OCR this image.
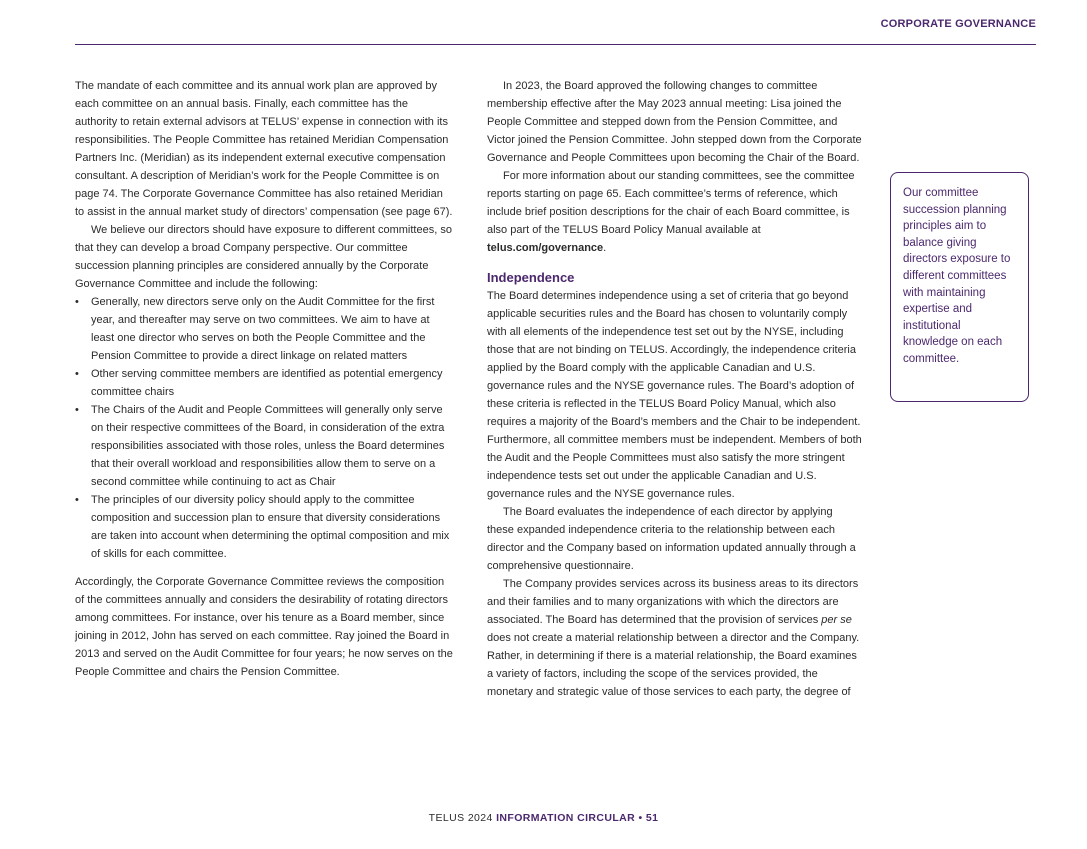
CORPORATE GOVERNANCE

The mandate of each committee and its annual work plan are approved by each committee on an annual basis. Finally, each committee has the authority to retain external advisors at TELUS’ expense in connection with its responsibilities. The People Committee has retained Meridian Compensation Partners Inc. (Meridian) as its independent external executive compensation consultant. A description of Meridian’s work for the People Committee is on page 74. The Corporate Governance Committee has also retained Meridian to assist in the annual market study of directors’ compensation (see page 67).

We believe our directors should have exposure to different committees, so that they can develop a broad Company perspective. Our committee succession planning principles are considered annually by the Corporate Governance Committee and include the following:

• Generally, new directors serve only on the Audit Committee for the first year, and thereafter may serve on two committees. We aim to have at least one director who serves on both the People Committee and the Pension Committee to provide a direct linkage on related matters
• Other serving committee members are identified as potential emergency committee chairs
• The Chairs of the Audit and People Committees will generally only serve on their respective committees of the Board, in consideration of the extra responsibilities associated with those roles, unless the Board determines that their overall workload and responsibilities allow them to serve on a second committee while continuing to act as Chair
• The principles of our diversity policy should apply to the committee composition and succession plan to ensure that diversity considerations are taken into account when determining the optimal composition and mix of skills for each committee.

Accordingly, the Corporate Governance Committee reviews the composition of the committees annually and considers the desirability of rotating directors among committees. For instance, over his tenure as a Board member, since joining in 2012, John has served on each committee. Ray joined the Board in 2013 and served on the Audit Committee for four years; he now serves on the People Committee and chairs the Pension Committee.

In 2023, the Board approved the following changes to committee membership effective after the May 2023 annual meeting: Lisa joined the People Committee and stepped down from the Pension Committee, and Victor joined the Pension Committee. John stepped down from the Corporate Governance and People Committees upon becoming the Chair of the Board.

For more information about our standing committees, see the committee reports starting on page 65. Each committee’s terms of reference, which include brief position descriptions for the chair of each Board committee, is also part of the TELUS Board Policy Manual available at telus.com/governance.

Independence

The Board determines independence using a set of criteria that go beyond applicable securities rules and the Board has chosen to voluntarily comply with all elements of the independence test set out by the NYSE, including those that are not binding on TELUS. Accordingly, the independence criteria applied by the Board comply with the applicable Canadian and U.S. governance rules and the NYSE governance rules. The Board’s adoption of these criteria is reflected in the TELUS Board Policy Manual, which also requires a majority of the Board’s members and the Chair to be independent. Furthermore, all committee members must be independent. Members of both the Audit and the People Committees must also satisfy the more stringent independence tests set out under the applicable Canadian and U.S. governance rules and the NYSE governance rules.

The Board evaluates the independence of each director by applying these expanded independence criteria to the relationship between each director and the Company based on information updated annually through a comprehensive questionnaire.

The Company provides services across its business areas to its directors and their families and to many organizations with which the directors are associated. The Board has determined that the provision of services per se does not create a material relationship between a director and the Company. Rather, in determining if there is a material relationship, the Board examines a variety of factors, including the scope of the services provided, the monetary and strategic value of those services to each party, the degree of

Our committee succession planning principles aim to balance giving directors exposure to different committees with maintaining expertise and institutional knowledge on each committee.
TELUS 2024 INFORMATION CIRCULAR • 51
